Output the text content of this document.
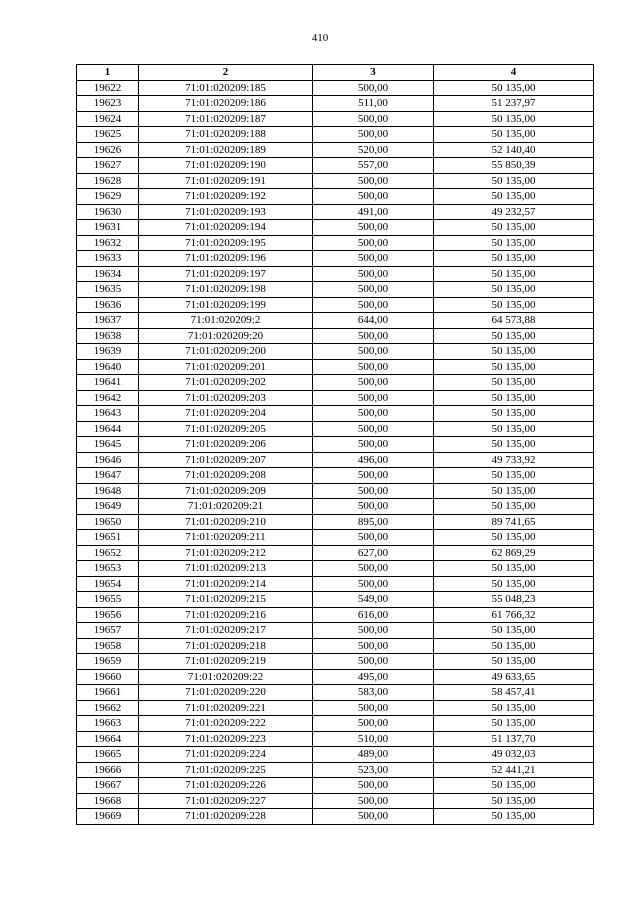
410
1	2	3	4
19622	71:01:020209:185	500,00	50 135,00
19623	71:01:020209:186	511,00	51 237,97
19624	71:01:020209:187	500,00	50 135,00
19625	71:01:020209:188	500,00	50 135,00
19626	71:01:020209:189	520,00	52 140,40
19627	71:01:020209:190	557,00	55 850,39
19628	71:01:020209:191	500,00	50 135,00
19629	71:01:020209:192	500,00	50 135,00
19630	71:01:020209:193	491,00	49 232,57
19631	71:01:020209:194	500,00	50 135,00
19632	71:01:020209:195	500,00	50 135,00
19633	71:01:020209:196	500,00	50 135,00
19634	71:01:020209:197	500,00	50 135,00
19635	71:01:020209:198	500,00	50 135,00
19636	71:01:020209:199	500,00	50 135,00
19637	71:01:020209:2	644,00	64 573,88
19638	71:01:020209:20	500,00	50 135,00
19639	71:01:020209:200	500,00	50 135,00
19640	71:01:020209:201	500,00	50 135,00
19641	71:01:020209:202	500,00	50 135,00
19642	71:01:020209:203	500,00	50 135,00
19643	71:01:020209:204	500,00	50 135,00
19644	71:01:020209:205	500,00	50 135,00
19645	71:01:020209:206	500,00	50 135,00
19646	71:01:020209:207	496,00	49 733,92
19647	71:01:020209:208	500,00	50 135,00
19648	71:01:020209:209	500,00	50 135,00
19649	71:01:020209:21	500,00	50 135,00
19650	71:01:020209:210	895,00	89 741,65
19651	71:01:020209:211	500,00	50 135,00
19652	71:01:020209:212	627,00	62 869,29
19653	71:01:020209:213	500,00	50 135,00
19654	71:01:020209:214	500,00	50 135,00
19655	71:01:020209:215	549,00	55 048,23
19656	71:01:020209:216	616,00	61 766,32
19657	71:01:020209:217	500,00	50 135,00
19658	71:01:020209:218	500,00	50 135,00
19659	71:01:020209:219	500,00	50 135,00
19660	71:01:020209:22	495,00	49 633,65
19661	71:01:020209:220	583,00	58 457,41
19662	71:01:020209:221	500,00	50 135,00
19663	71:01:020209:222	500,00	50 135,00
19664	71:01:020209:223	510,00	51 137,70
19665	71:01:020209:224	489,00	49 032,03
19666	71:01:020209:225	523,00	52 441,21
19667	71:01:020209:226	500,00	50 135,00
19668	71:01:020209:227	500,00	50 135,00
19669	71:01:020209:228	500,00	50 135,00
